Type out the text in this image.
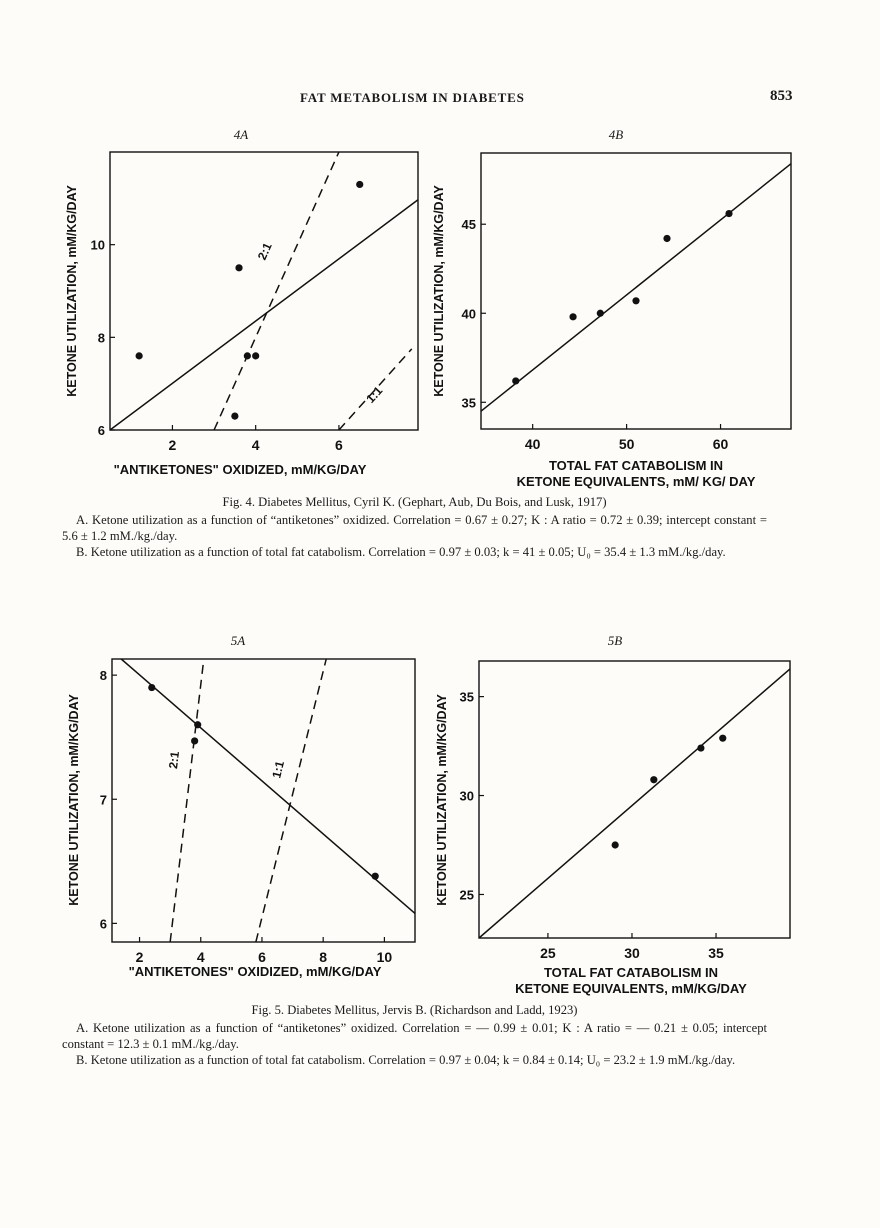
FAT METABOLISM IN DIABETES	853
4A	4B
2	4	6
6
8
10	2:1
1:1
"ANTIKETONES" OXIDIZED, mM/KG/DAY
KETONE UTILIZATION, mM/KG/DAY
40	50	60
35
40
45
TOTAL FAT CATABOLISM IN
KETONE EQUIVALENTS, mM/ KG/ DAY
KETONE UTILIZATION, mM/KG/DAY

Fig. 4. Diabetes Mellitus, Cyril K. (Gephart, Aub, Du Bois, and Lusk, 1917)

A. Ketone utilization as a function of “antiketones” oxidized. Correlation = 0.67 ± 0.27; K : A ratio = 0.72 ± 0.39; intercept constant = 5.6 ± 1.2 mM./kg./day.

B. Ketone utilization as a function of total fat catabolism. Correlation = 0.97 ± 0.03; k = 41 ± 0.05; U₀ = 35.4 ± 1.3 mM./kg./day.

5A	5B
2	4	6	8	10
6
7
8
2:1	1:1
"ANTIKETONES" OXIDIZED, mM/KG/DAY
KETONE UTILIZATION, mM/KG/DAY
25	30	35
25
30
35
TOTAL FAT CATABOLISM IN
KETONE EQUIVALENTS, mM/KG/DAY
KETONE UTILIZATION, mM/KG/DAY

Fig. 5. Diabetes Mellitus, Jervis B. (Richardson and Ladd, 1923)

A. Ketone utilization as a function of “antiketones” oxidized. Correlation = — 0.99 ± 0.01; K : A ratio = — 0.21 ± 0.05; intercept constant = 12.3 ± 0.1 mM./kg./day.

B. Ketone utilization as a function of total fat catabolism. Correlation = 0.97 ± 0.04; k = 0.84 ± 0.14; U₀ = 23.2 ± 1.9 mM./kg./day.
